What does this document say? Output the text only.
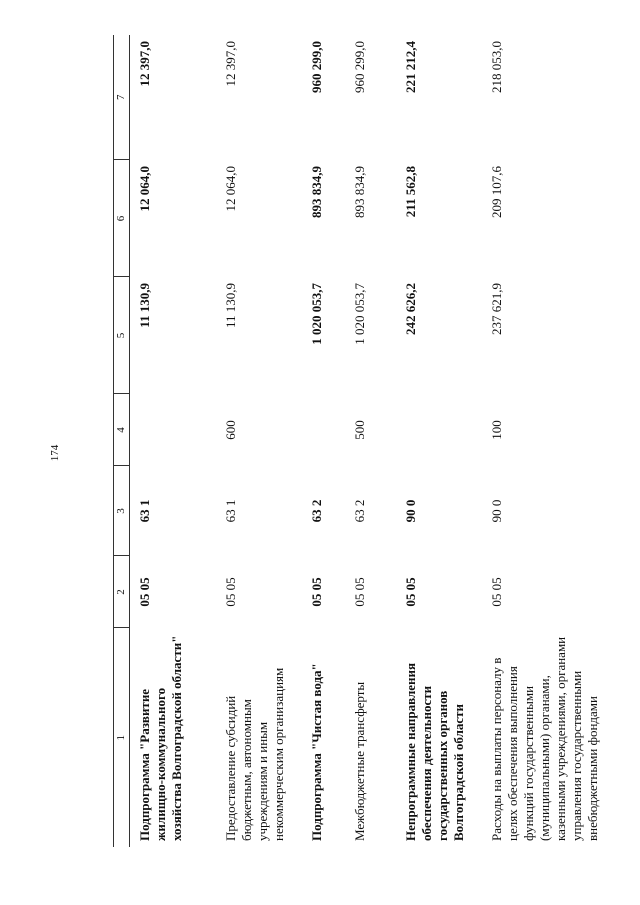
174
1	2	3	4	5	6	7
Подпрограмма "Развитие жилищно-коммунального хозяйства Волгоградской области"	05 05	63 1		11 130,9	12 064,0	12 397,0
Предоставление субсидий бюджетным, автономным учреждениям и иным некоммерческим организациям	05 05	63 1	600	11 130,9	12 064,0	12 397,0
Подпрограмма "Чистая вода"	05 05	63 2		1 020 053,7	893 834,9	960 299,0
Межбюджетные трансферты	05 05	63 2	500	1 020 053,7	893 834,9	960 299,0
Непрограммные направления обеспечения деятельности государственных органов Волгоградской области	05 05	90 0		242 626,2	211 562,8	221 212,4
Расходы на выплаты персоналу в целях обеспечения выполнения функций государственными (муниципальными) органами, казенными учреждениями, органами управления государственными внебюджетными фондами	05 05	90 0	100	237 621,9	209 107,6	218 053,0
